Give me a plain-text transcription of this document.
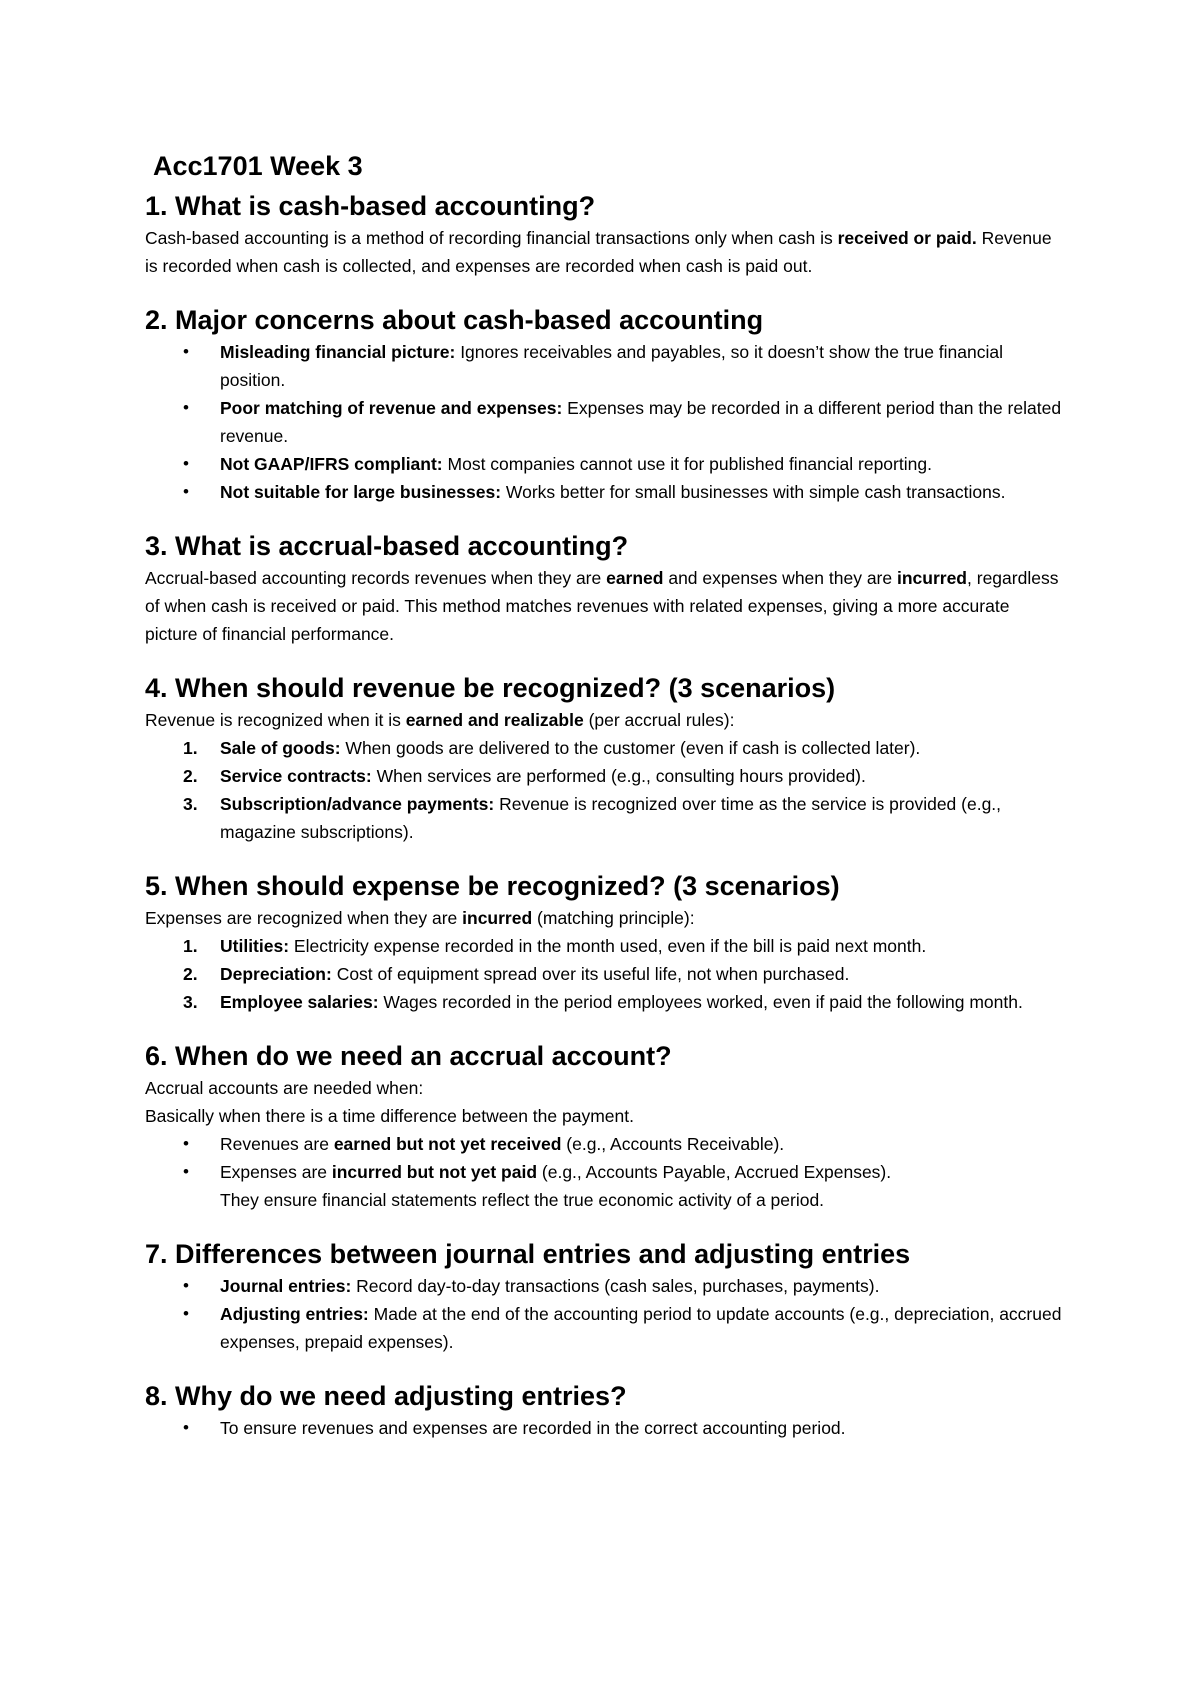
Acc1701 Week 3
1. What is cash-based accounting?

Cash-based accounting is a method of recording financial transactions only when cash is received or paid. Revenue is recorded when cash is collected, and expenses are recorded when cash is paid out.

2. Major concerns about cash-based accounting
• Misleading financial picture: Ignores receivables and payables, so it doesn’t show the true financial position.
• Poor matching of revenue and expenses: Expenses may be recorded in a different period than the related revenue.
• Not GAAP/IFRS compliant: Most companies cannot use it for published financial reporting.
• Not suitable for large businesses: Works better for small businesses with simple cash transactions.
3. What is accrual-based accounting?

Accrual-based accounting records revenues when they are earned and expenses when they are incurred, regardless of when cash is received or paid. This method matches revenues with related expenses, giving a more accurate picture of financial performance.

4. When should revenue be recognized? (3 scenarios)

Revenue is recognized when it is earned and realizable (per accrual rules):

1. Sale of goods: When goods are delivered to the customer (even if cash is collected later).
2. Service contracts: When services are performed (e.g., consulting hours provided).
3. Subscription/advance payments: Revenue is recognized over time as the service is provided (e.g., magazine subscriptions).
5. When should expense be recognized? (3 scenarios)

Expenses are recognized when they are incurred (matching principle):

1. Utilities: Electricity expense recorded in the month used, even if the bill is paid next month.
2. Depreciation: Cost of equipment spread over its useful life, not when purchased.
3. Employee salaries: Wages recorded in the period employees worked, even if paid the following month.
6. When do we need an accrual account?

Accrual accounts are needed when:

Basically when there is a time difference between the payment.

• Revenues are earned but not yet received (e.g., Accounts Receivable).
• Expenses are incurred but not yet paid (e.g., Accounts Payable, Accrued Expenses).
They ensure financial statements reflect the true economic activity of a period.
7. Differences between journal entries and adjusting entries
• Journal entries: Record day-to-day transactions (cash sales, purchases, payments).
• Adjusting entries: Made at the end of the accounting period to update accounts (e.g., depreciation, accrued expenses, prepaid expenses).
8. Why do we need adjusting entries?
• To ensure revenues and expenses are recorded in the correct accounting period.
